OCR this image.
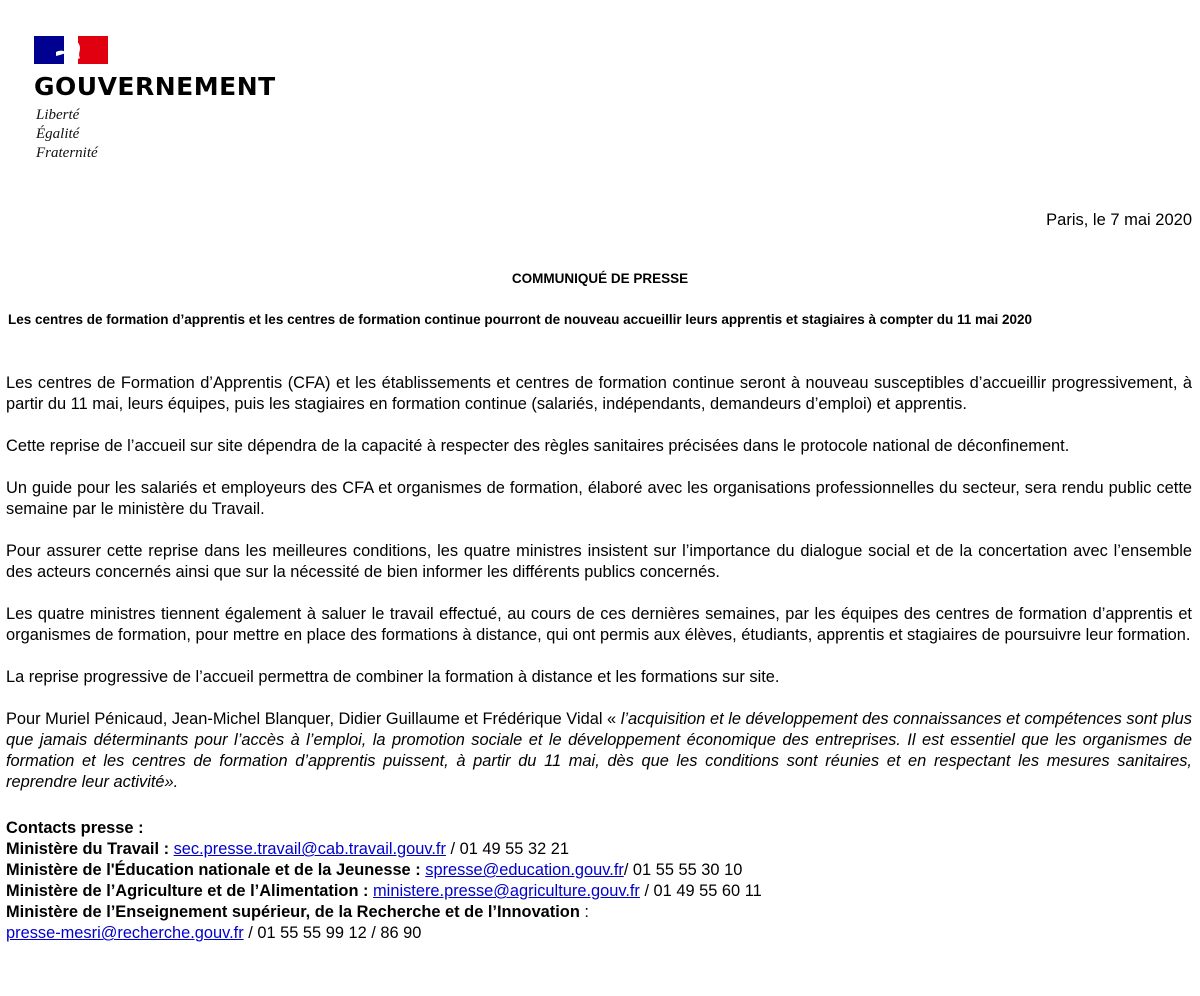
GOUVERNEMENT
Liberté
Égalité
Fraternité
Paris, le 7 mai 2020
COMMUNIQUÉ DE PRESSE
Les centres de formation d’apprentis et les centres de formation continue pourront de nouveau accueillir leurs apprentis et stagiaires à compter du 11 mai 2020

Les centres de Formation d’Apprentis (CFA) et les établissements et centres de formation continue seront à nouveau susceptibles d’accueillir progressivement, à partir du 11 mai, leurs équipes, puis les stagiaires en formation continue (salariés, indépendants, demandeurs d’emploi) et apprentis.

Cette reprise de l’accueil sur site dépendra de la capacité à respecter des règles sanitaires précisées dans le protocole national de déconfinement.

Un guide pour les salariés et employeurs des CFA et organismes de formation, élaboré avec les organisations professionnelles du secteur, sera rendu public cette semaine par le ministère du Travail.

Pour assurer cette reprise dans les meilleures conditions, les quatre ministres insistent sur l’importance du dialogue social et de la concertation avec l’ensemble des acteurs concernés ainsi que sur la nécessité de bien informer les différents publics concernés.

Les quatre ministres tiennent également à saluer le travail effectué, au cours de ces dernières semaines, par les équipes des centres de formation d’apprentis et organismes de formation, pour mettre en place des formations à distance, qui ont permis aux élèves, étudiants, apprentis et stagiaires de poursuivre leur formation.

La reprise progressive de l’accueil permettra de combiner la formation à distance et les formations sur site.

Pour Muriel Pénicaud, Jean-Michel Blanquer, Didier Guillaume et Frédérique Vidal « l’acquisition et le développement des connaissances et compétences sont plus que jamais déterminants pour l’accès à l’emploi, la promotion sociale et le développement économique des entreprises. Il est essentiel que les organismes de formation et les centres de formation d’apprentis puissent, à partir du 11 mai, dès que les conditions sont réunies et en respectant les mesures sanitaires, reprendre leur activité».

Contacts presse :
Ministère du Travail : sec.presse.travail@cab.travail.gouv.fr / 01 49 55 32 21
Ministère de l'Éducation nationale et de la Jeunesse : spresse@education.gouv.fr/ 01 55 55 30 10
Ministère de l’Agriculture et de l’Alimentation : ministere.presse@agriculture.gouv.fr / 01 49 55 60 11
Ministère de l’Enseignement supérieur, de la Recherche et de l’Innovation :
presse-mesri@recherche.gouv.fr / 01 55 55 99 12 / 86 90
